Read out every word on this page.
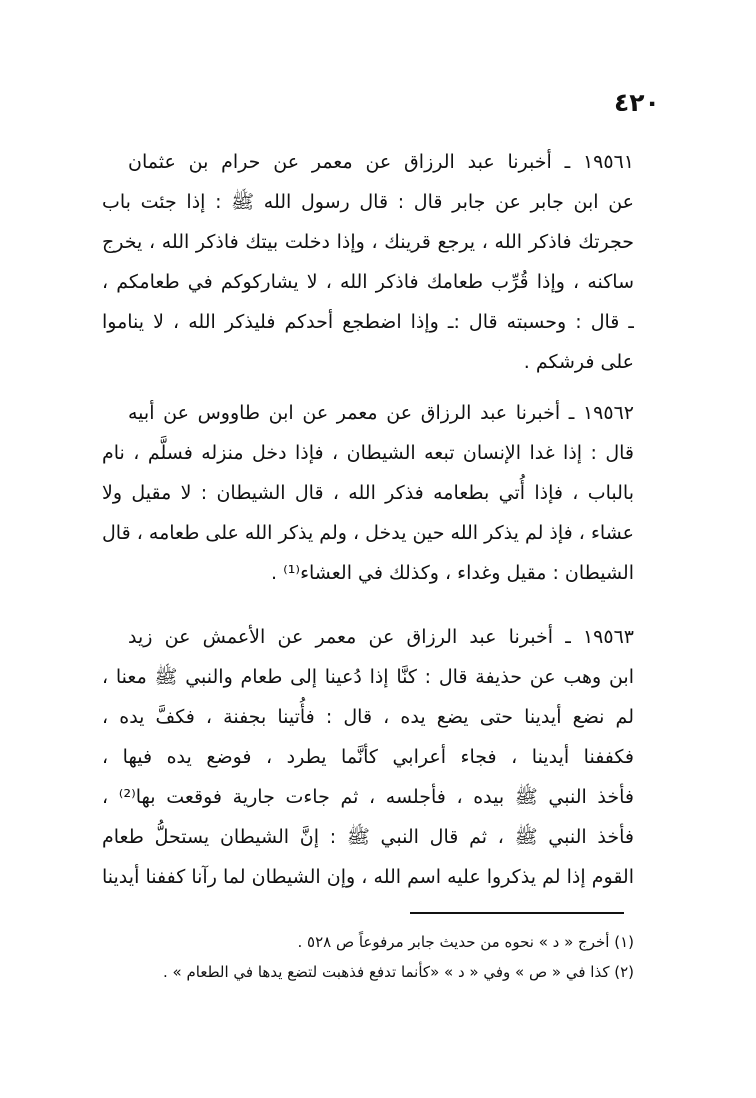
٤٢٠
١٩٥٦١ ـ أخبرنا عبد الرزاق عن معمر عن حرام بن عثمان
عن ابن جابر عن جابر قال : قال رسول الله ﷺ : إذا جئت باب
حجرتك فاذكر الله ، يرجع قرينك ، وإذا دخلت بيتك فاذكر الله ، يخرج
ساكنه ، وإذا قُرِّب طعامك فاذكر الله ، لا يشاركوكم في طعامكم ،
ـ قال : وحسبته قال :ـ وإذا اضطجع أحدكم فليذكر الله ، لا يناموا
على فرشكم .
١٩٥٦٢ ـ أخبرنا عبد الرزاق عن معمر عن ابن طاووس عن أبيه
قال : إذا غدا الإنسان تبعه الشيطان ، فإذا دخل منزله فسلَّم ، نام
بالباب ، فإذا أُتي بطعامه فذكر الله ، قال الشيطان : لا مقيل ولا
عشاء ، فإذ لم يذكر الله حين يدخل ، ولم يذكر الله على طعامه ، قال
الشيطان : مقيل وغداء ، وكذلك في العشاء⁽¹⁾ .
١٩٥٦٣ ـ أخبرنا عبد الرزاق عن معمر عن الأعمش عن زيد
ابن وهب عن حذيفة قال : كنَّا إذا دُعينا إلى طعام والنبي ﷺ معنا ،
لم نضع أيدينا حتى يضع يده ، قال : فأُتينا بجفنة ، فكفَّ يده ،
فكففنا أيدينا ، فجاء أعرابي كأنَّما يطرد ، فوضع يده فيها ،
فأخذ النبي ﷺ بيده ، فأجلسه ، ثم جاءت جارية فوقعت بها⁽²⁾ ،
فأخذ النبي ﷺ ، ثم قال النبي ﷺ : إنَّ الشيطان يستحلُّ طعام
القوم إذا لم يذكروا عليه اسم الله ، وإن الشيطان لما رآنا كففنا أيدينا
(١) أخرج « د » نحوه من حديث جابر مرفوعاً ص ٥٢٨ .
(٢) كذا في « ص » وفي « د » «كأنما تدفع فذهبت لتضع يدها في الطعام » .
